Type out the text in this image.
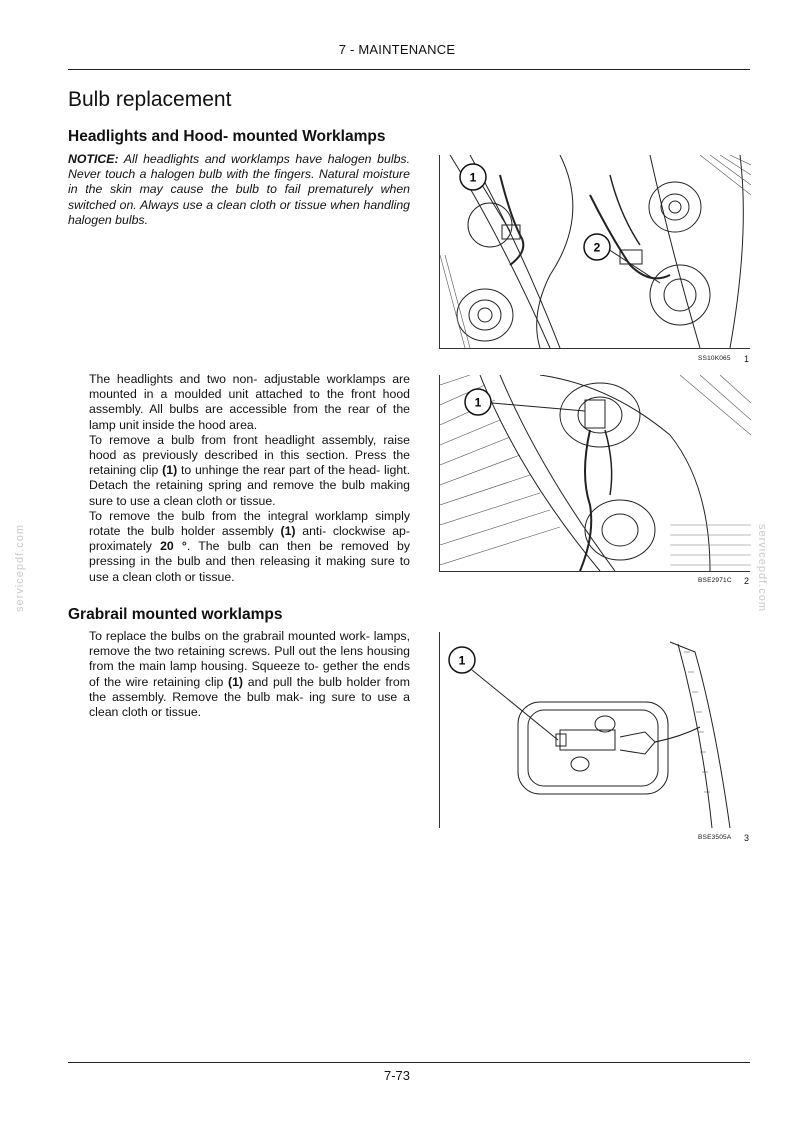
7 - MAINTENANCE
Bulb replacement
Headlights and Hood- mounted Worklamps
NOTICE: All headlights and worklamps have halogen bulbs. Never touch a halogen bulb with the fingers. Natural moisture in the skin may cause the bulb to fail prematurely when switched on. Always use a clean cloth or tissue when handling halogen bulbs.

The headlights and two non- adjustable worklamps are mounted in a moulded unit attached to the front hood assembly. All bulbs are accessible from the rear of the lamp unit inside the hood area.

To remove a bulb from front headlight assembly, raise hood as previously described in this section. Press the retaining clip (1) to unhinge the rear part of the head- light. Detach the retaining spring and remove the bulb making sure to use a clean cloth or tissue.

To remove the bulb from the integral worklamp simply rotate the bulb holder assembly (1) anti- clockwise ap- proximately 20 °. The bulb can then be removed by pressing in the bulb and then releasing it making sure to use a clean cloth or tissue.

Grabrail mounted worklamps
To replace the bulbs on the grabrail mounted work- lamps, remove the two retaining screws. Pull out the lens housing from the main lamp housing. Squeeze to- gether the ends of the wire retaining clip (1) and pull the bulb holder from the assembly. Remove the bulb mak- ing sure to use a clean cloth or tissue.
1
2
SS10K065 1
1
BSE2971C 2
1
BSE3505A 3
servicepdf.com	servicepdf.com
7-73
